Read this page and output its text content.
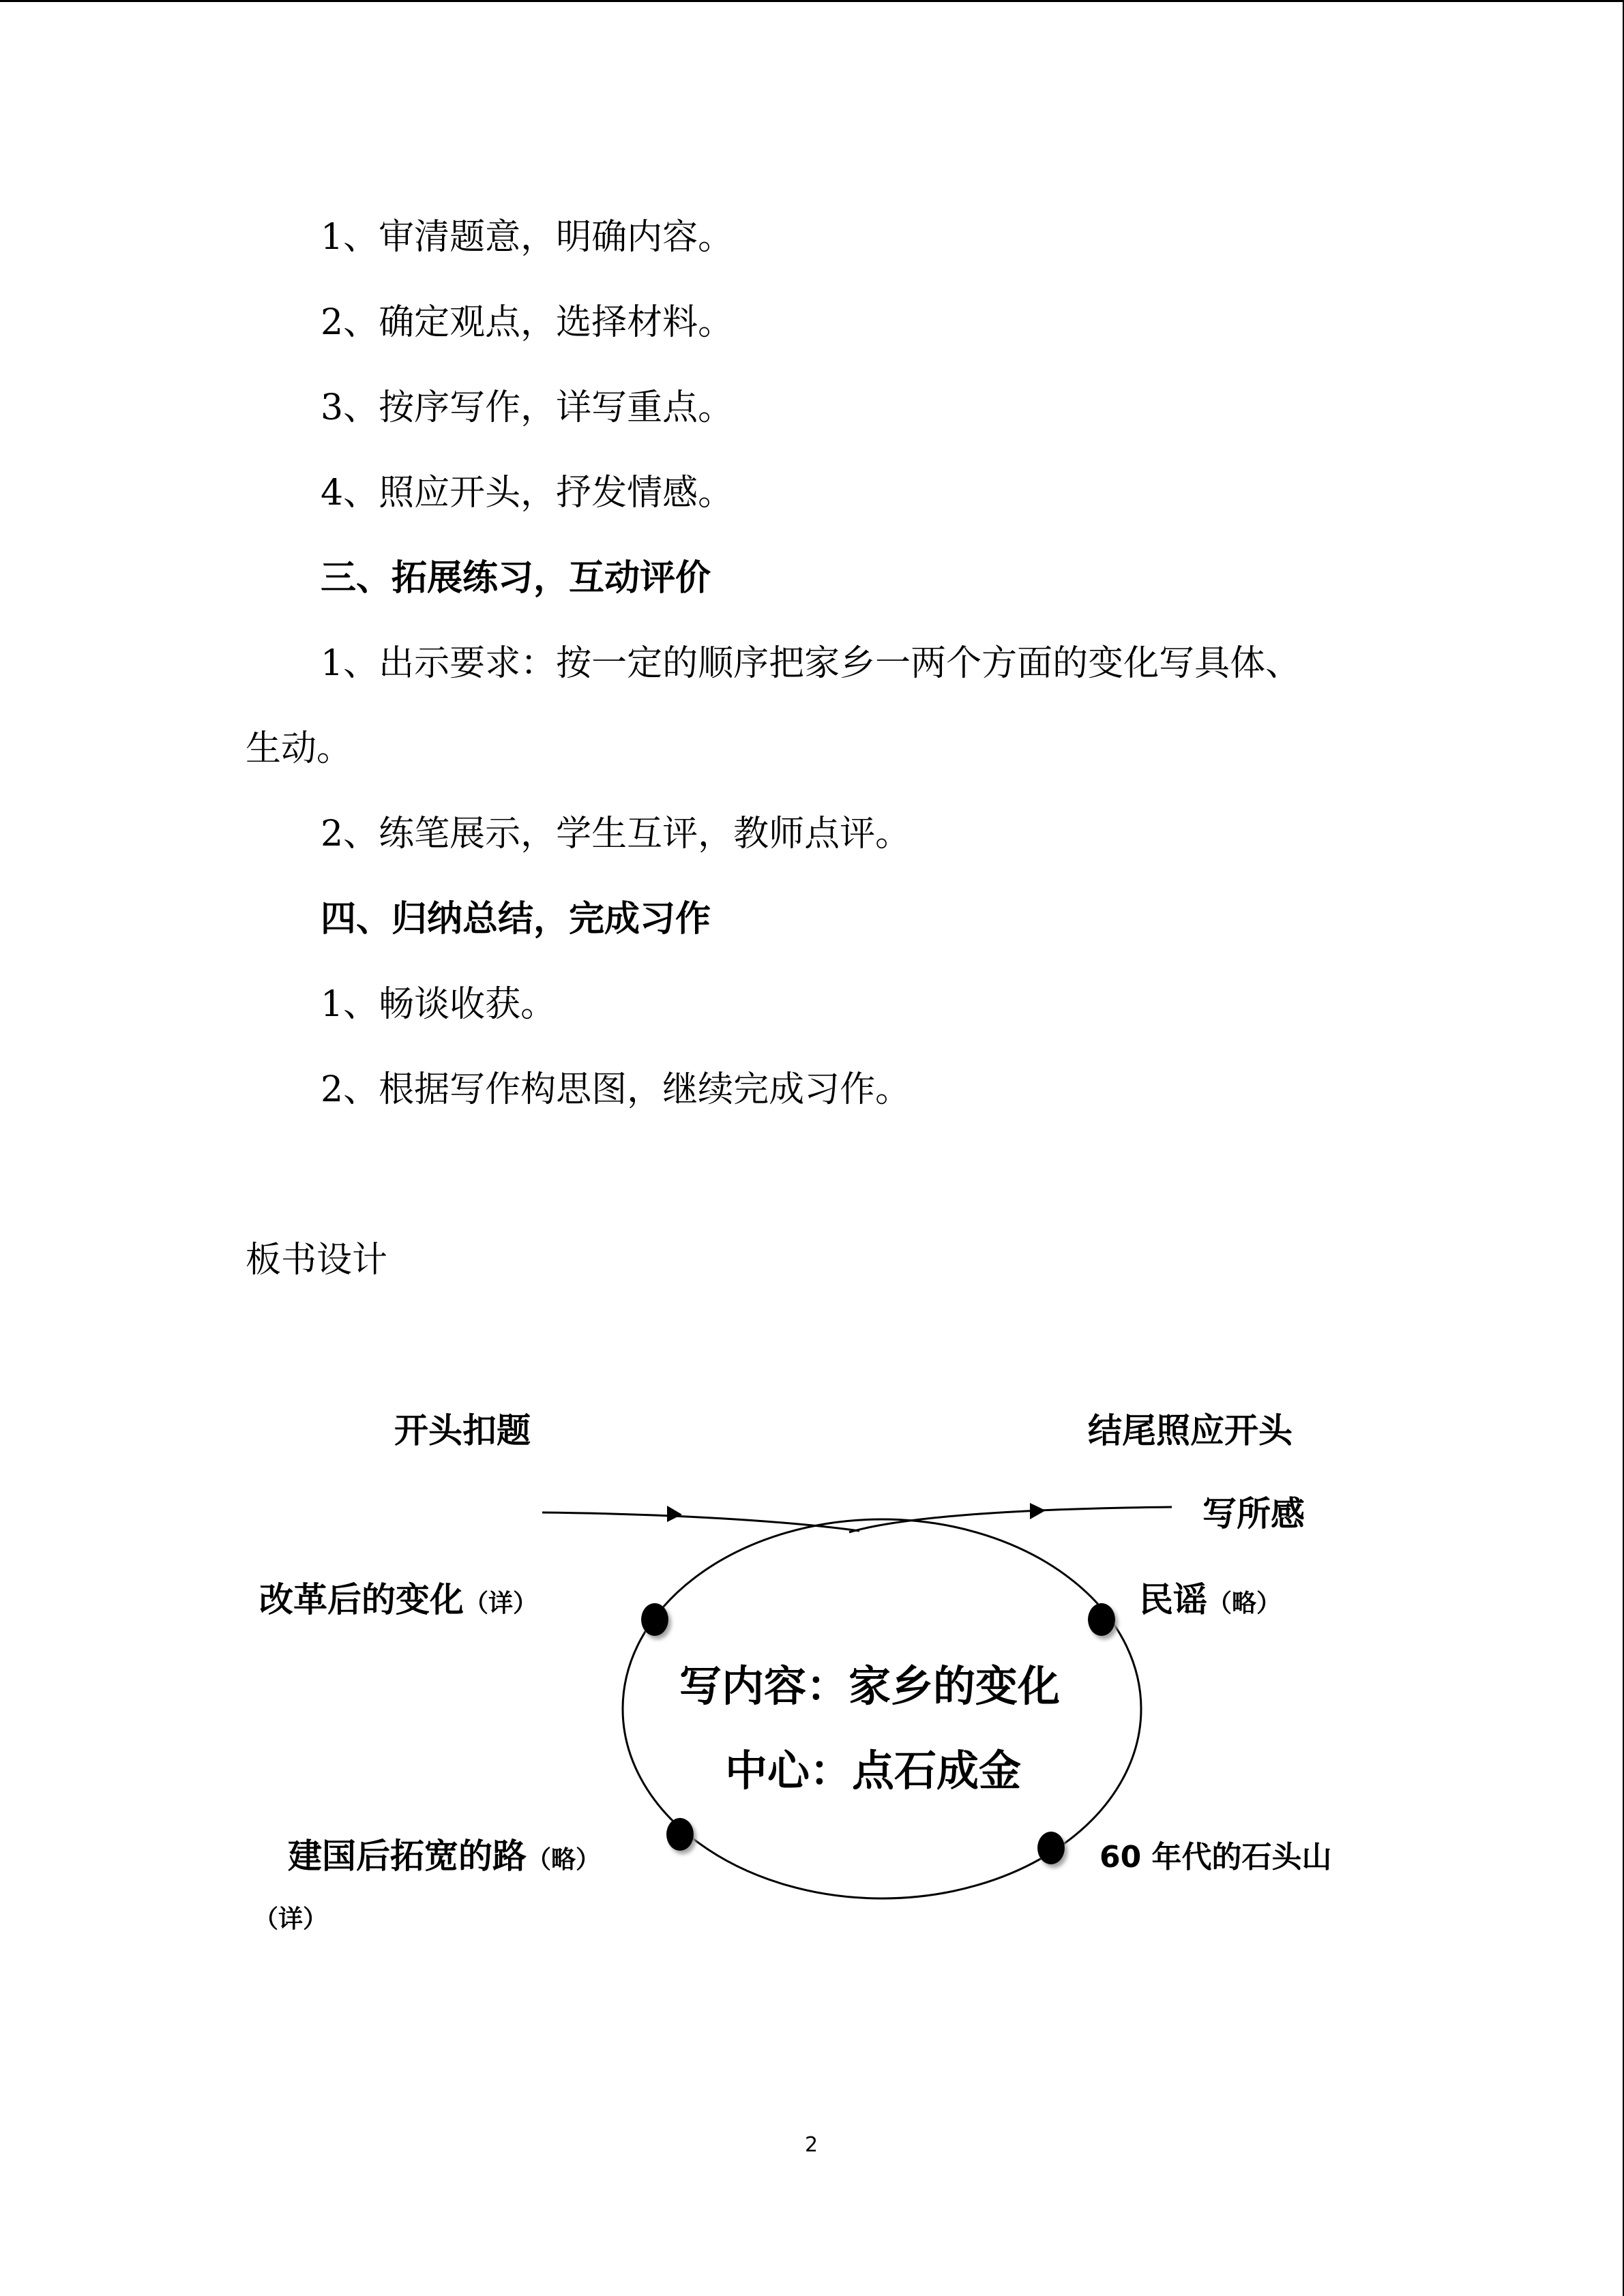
1、审清题意，明确内容。
2、确定观点，选择材料。
3、按序写作，详写重点。
4、照应开头，抒发情感。
三、拓展练习，互动评价
1、出示要求：按一定的顺序把家乡一两个方面的变化写具体、
生动。
2、练笔展示，学生互评，教师点评。
四、归纳总结，完成习作
1、畅谈收获。
2、根据写作构思图，继续完成习作。
板书设计
开头扣题	结尾照应开头
写所感
改革后的变化（详）	民谣（略）
写内容：家乡的变化
中心：点石成金
建国后拓宽的路（略）
（详）
60 年代的石头山
2
